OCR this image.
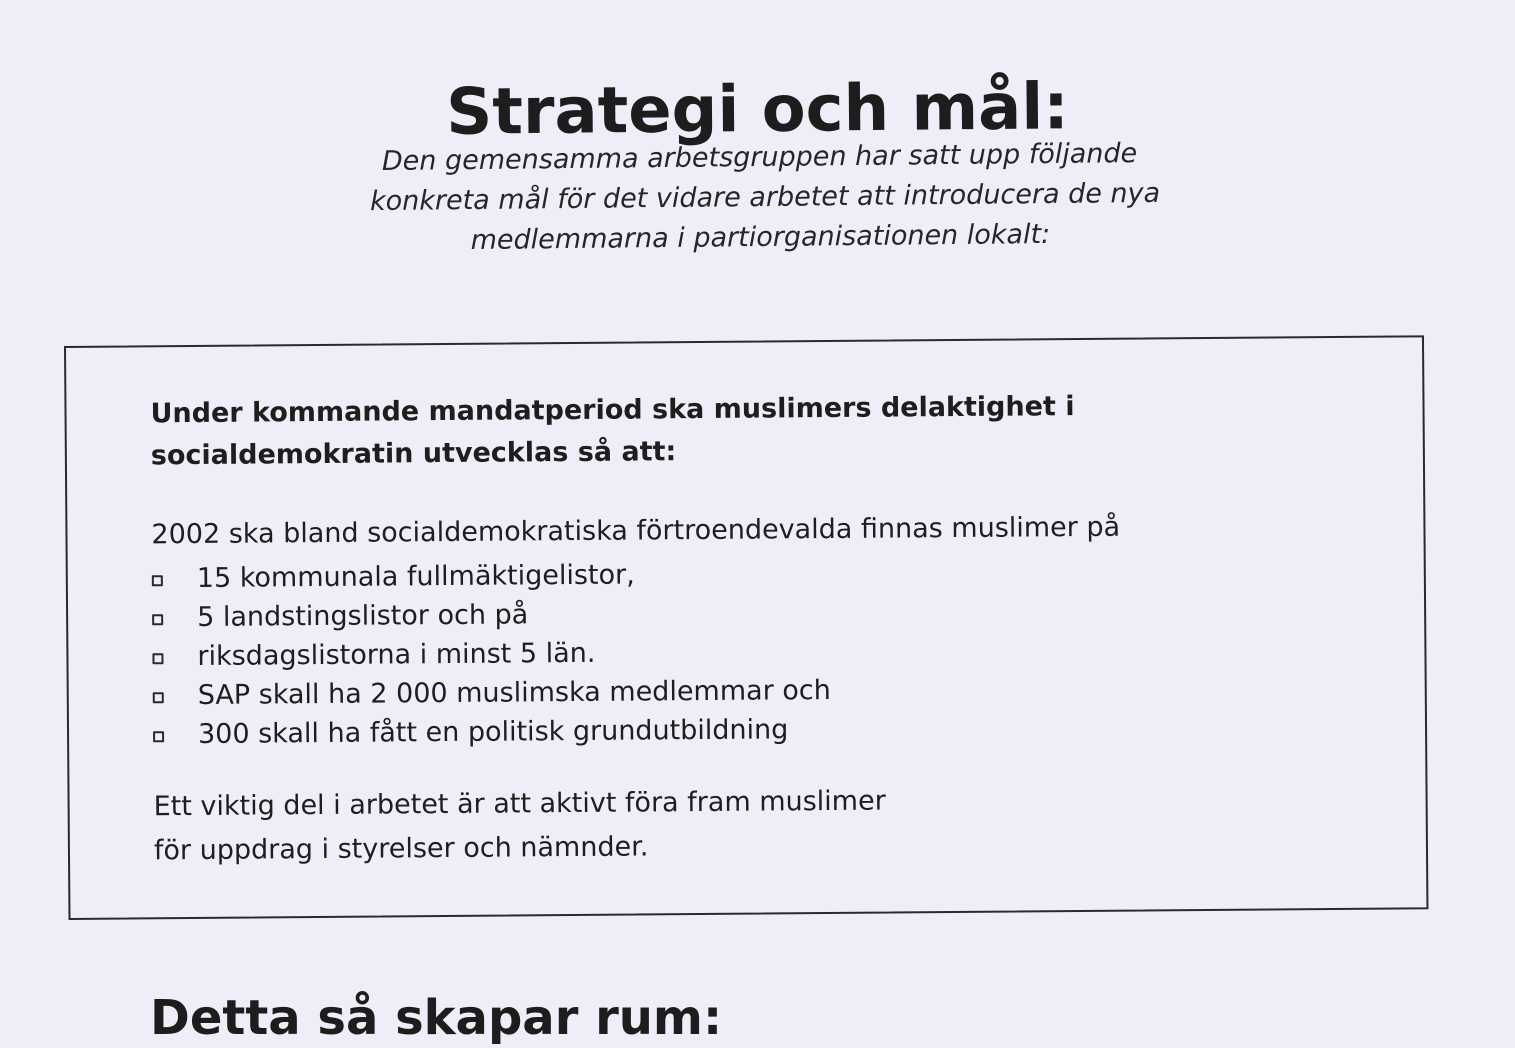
Strategi och mål:
Den gemensamma arbetsgruppen har satt upp följande
konkreta mål för det vidare arbetet att introducera de nya
medlemmarna i partiorganisationen lokalt:
Under kommande mandatperiod ska muslimers delaktighet i
socialdemokratin utvecklas så att:
2002 ska bland socialdemokratiska förtroendevalda finnas muslimer på
15 kommunala fullmäktigelistor,
5 landstingslistor och på
riksdagslistorna i minst 5 län.
SAP skall ha 2 000 muslimska medlemmar och
300 skall ha fått en politisk grundutbildning
Ett viktig del i arbetet är att aktivt föra fram muslimer
för uppdrag i styrelser och nämnder.
Detta så skapar rum:
